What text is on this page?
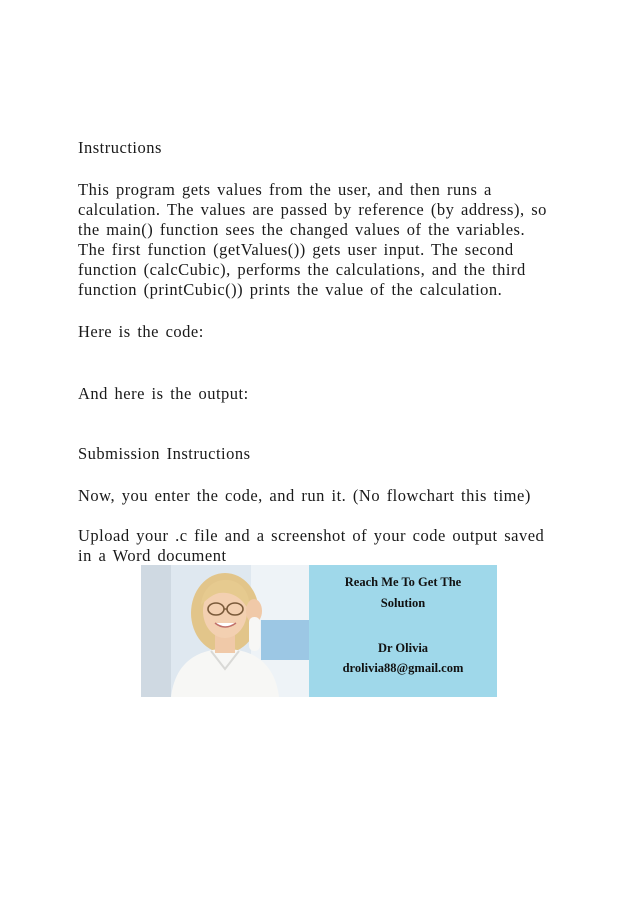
Instructions
This program gets values from the user, and then runs a
calculation. The values are passed by reference (by address), so
the main() function sees the changed values of the variables.
The first function (getValues()) gets user input. The second
function (calcCubic), performs the calculations, and the third
function (printCubic()) prints the value of the calculation.
Here is the code:
And here is the output:
Submission Instructions
Now, you enter the code, and run it. (No flowchart this time)
Upload your .c file and a screenshot of your code output saved
in a Word document
Reach Me To Get The
Solution
Dr Olivia
drolivia88@gmail.com
